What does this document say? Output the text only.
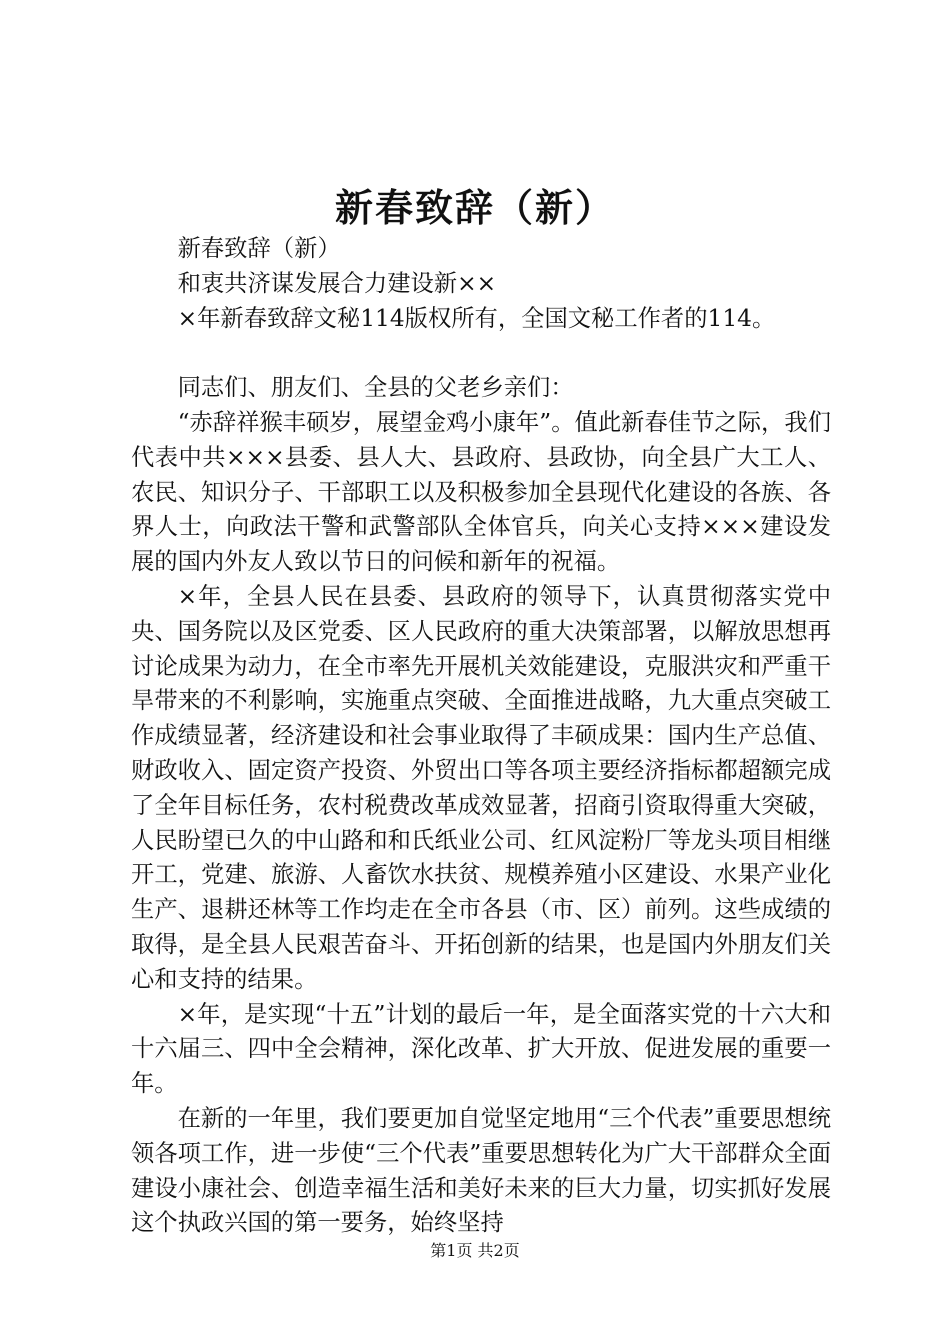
新春致辞（新）

新春致辞（新）

和衷共济谋发展合力建设新××

×年新春致辞文秘114版权所有，全国文秘工作者的114。

同志们、朋友们、全县的父老乡亲们：

“赤辞祥猴丰硕岁，展望金鸡小康年”。值此新春佳节之际，我们代表中共×××县委、县人大、县政府、县政协，向全县广大工人、农民、知识分子、干部职工以及积极参加全县现代化建设的各族、各界人士，向政法干警和武警部队全体官兵，向关心支持×××建设发展的国内外友人致以节日的问候和新年的祝福。

×年，全县人民在县委、县政府的领导下，认真贯彻落实党中央、国务院以及区党委、区人民政府的重大决策部署，以解放思想再讨论成果为动力，在全市率先开展机关效能建设，克服洪灾和严重干旱带来的不利影响，实施重点突破、全面推进战略，九大重点突破工作成绩显著，经济建设和社会事业取得了丰硕成果：国内生产总值、财政收入、固定资产投资、外贸出口等各项主要经济指标都超额完成了全年目标任务，农村税费改革成效显著，招商引资取得重大突破，人民盼望已久的中山路和和氏纸业公司、红风淀粉厂等龙头项目相继开工，党建、旅游、人畜饮水扶贫、规模养殖小区建设、水果产业化生产、退耕还林等工作均走在全市各县（市、区）前列。这些成绩的取得，是全县人民艰苦奋斗、开拓创新的结果，也是国内外朋友们关心和支持的结果。

×年，是实现“十五”计划的最后一年，是全面落实党的十六大和十六届三、四中全会精神，深化改革、扩大开放、促进发展的重要一年。

在新的一年里，我们要更加自觉坚定地用“三个代表”重要思想统领各项工作，进一步使“三个代表”重要思想转化为广大干部群众全面建设小康社会、创造幸福生活和美好未来的巨大力量，切实抓好发展这个执政兴国的第一要务，始终坚持

第1页 共2页
